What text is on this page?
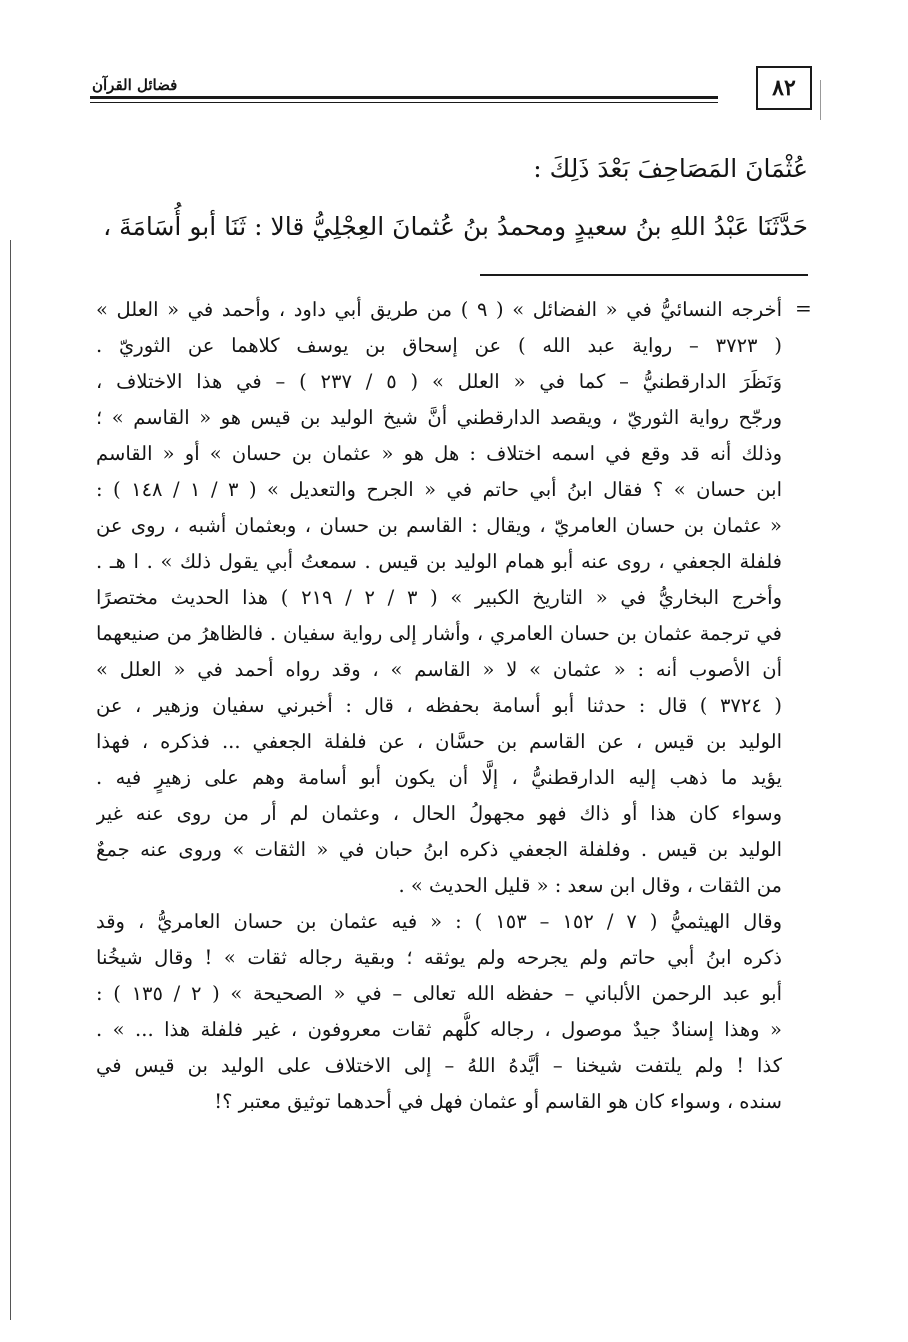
فضائل القرآن	٨٢

عُثْمَانَ المَصَاحِفَ بَعْدَ ذَلِكَ :

حَدَّثَنَا عَبْدُ اللهِ بنُ سعيدٍ ومحمدُ بنُ عُثمانَ العِجْلِيُّ قالا : ثَنَا أبو أُسَامَةَ ،

=

أخرجه النسائيُّ في « الفضائل » ( ٩ ) من طريق أبي داود ، وأحمد في « العلل »

( ٣٧٢٣ – رواية عبد الله ) عن إسحاق بن يوسف كلاهما عن الثوريّ .

وَنَظَرَ الدارقطنيُّ – كما في « العلل » ( ٥ / ٢٣٧ ) – في هذا الاختلاف ،

ورجّح رواية الثوريّ ، ويقصد الدارقطني أنَّ شيخ الوليد بن قيس هو « القاسم » ؛

وذلك أنه قد وقع في اسمه اختلاف : هل هو « عثمان بن حسان » أو « القاسم

ابن حسان » ؟ فقال ابنُ أبي حاتم في « الجرح والتعديل » ( ٣ / ١ / ١٤٨ ) :

« عثمان بن حسان العامريّ ، ويقال : القاسم بن حسان ، وبعثمان أشبه ، روى عن

فلفلة الجعفي ، روى عنه أبو همام الوليد بن قيس . سمعتُ أبي يقول ذلك » . ا هـ .

وأخرج البخاريُّ في « التاريخ الكبير » ( ٣ / ٢ / ٢١٩ ) هذا الحديث مختصرًا

في ترجمة عثمان بن حسان العامري ، وأشار إلى رواية سفيان . فالظاهرُ من صنيعهما

أن الأصوب أنه : « عثمان » لا « القاسم » ، وقد رواه أحمد في « العلل »

( ٣٧٢٤ ) قال : حدثنا أبو أسامة بحفظه ، قال : أخبرني سفيان وزهير ، عن

الوليد بن قيس ، عن القاسم بن حسَّان ، عن فلفلة الجعفي ... فذكره ، فهذا

يؤيد ما ذهب إليه الدارقطنيُّ ، إلَّا أن يكون أبو أسامة وهم على زهيرٍ فيه .

وسواء كان هذا أو ذاك فهو مجهولُ الحال ، وعثمان لم أر من روى عنه غير

الوليد بن قيس . وفلفلة الجعفي ذكره ابنُ حبان في « الثقات » وروى عنه جمعٌ

من الثقات ، وقال ابن سعد : « قليل الحديث » .

وقال الهيثميُّ ( ٧ / ١٥٢ – ١٥٣ ) : « فيه عثمان بن حسان العامريُّ ، وقد

ذكره ابنُ أبي حاتم ولم يجرحه ولم يوثقه ؛ وبقية رجاله ثقات » ! وقال شيخُنا

أبو عبد الرحمن الألباني – حفظه الله تعالى – في « الصحيحة » ( ٢ / ١٣٥ ) :

« وهذا إسنادٌ جيدٌ موصول ، رجاله كلُّهم ثقات معروفون ، غير فلفلة هذا ... » .

كذا ! ولم يلتفت شيخنا – أيَّدهُ اللهُ – إلى الاختلاف على الوليد بن قيس في

سنده ، وسواء كان هو القاسم أو عثمان فهل في أحدهما توثيق معتبر ؟!
